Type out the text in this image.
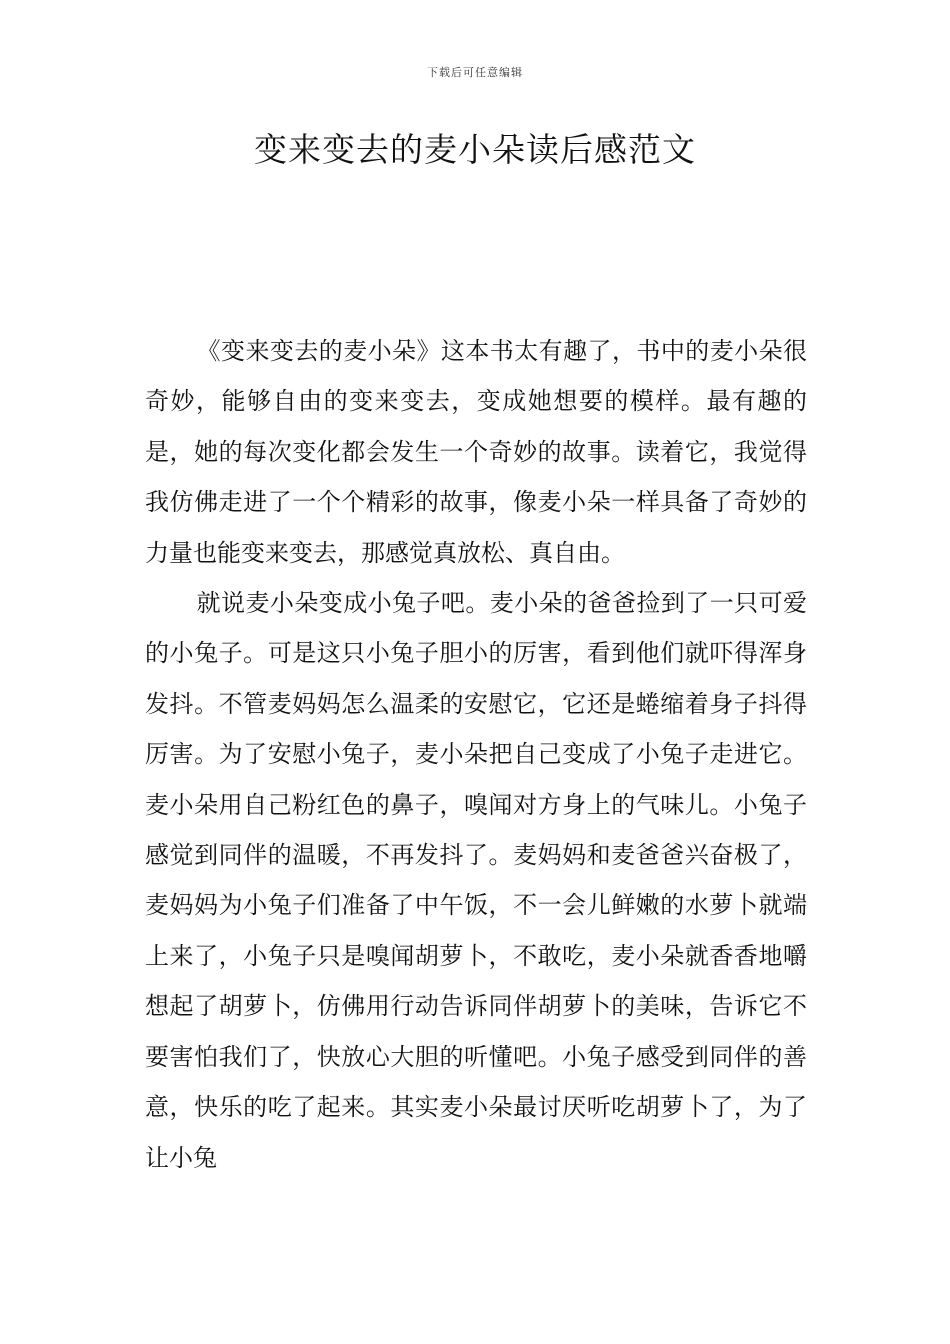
下载后可任意编辑
变来变去的麦小朵读后感范文

《变来变去的麦小朵》这本书太有趣了，书中的麦小朵很奇妙，能够自由的变来变去，变成她想要的模样。最有趣的是，她的每次变化都会发生一个奇妙的故事。读着它，我觉得我仿佛走进了一个个精彩的故事，像麦小朵一样具备了奇妙的力量也能变来变去，那感觉真放松、真自由。

就说麦小朵变成小兔子吧。麦小朵的爸爸捡到了一只可爱的小兔子。可是这只小兔子胆小的厉害，看到他们就吓得浑身发抖。不管麦妈妈怎么温柔的安慰它，它还是蜷缩着身子抖得厉害。为了安慰小兔子，麦小朵把自己变成了小兔子走进它。麦小朵用自己粉红色的鼻子，嗅闻对方身上的气味儿。小兔子感觉到同伴的温暖，不再发抖了。麦妈妈和麦爸爸兴奋极了，麦妈妈为小兔子们准备了中午饭，不一会儿鲜嫩的水萝卜就端上来了，小兔子只是嗅闻胡萝卜，不敢吃，麦小朵就香香地嚼想起了胡萝卜，仿佛用行动告诉同伴胡萝卜的美味，告诉它不要害怕我们了，快放心大胆的听懂吧。小兔子感受到同伴的善意，快乐的吃了起来。其实麦小朵最讨厌听吃胡萝卜了，为了让小兔
